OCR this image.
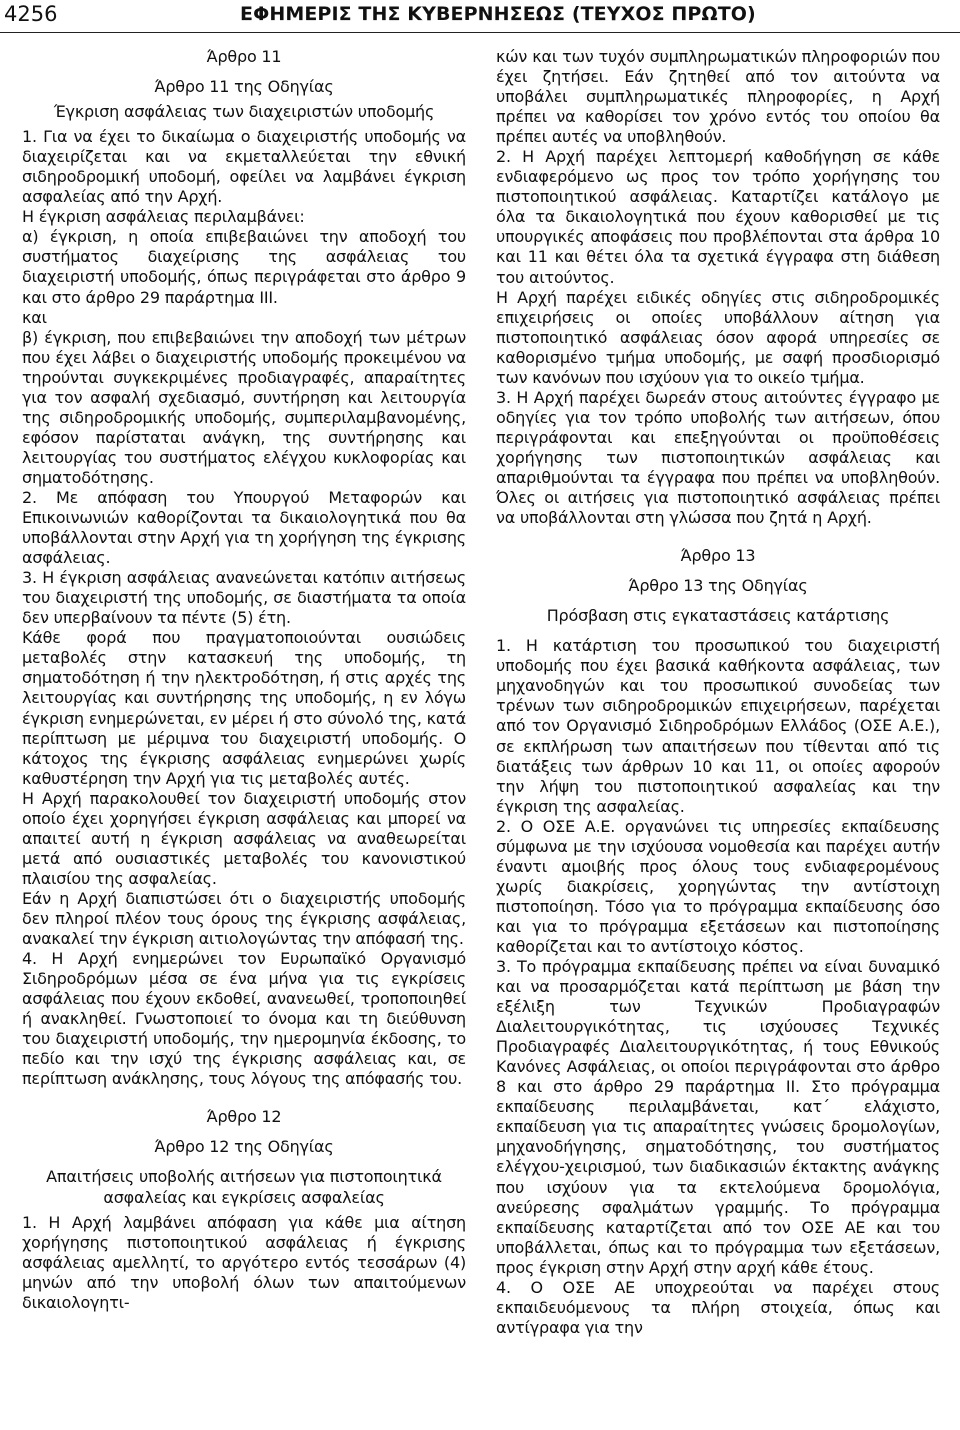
4256	ΕΦΗΜΕΡΙΣ ΤΗΣ ΚΥΒΕΡΝΗΣΕΩΣ (ΤΕΥΧΟΣ ΠΡΩΤΟ)

Άρθρο 11

Άρθρο 11 της Οδηγίας

Έγκριση ασφάλειας των διαχειριστών υποδομής

1. Για να έχει το δικαίωμα ο διαχειριστής υποδομής να διαχειρίζεται και να εκμεταλλεύεται την εθνική σιδηροδρομική υποδομή, οφείλει να λαμβάνει έγκριση ασφαλείας από την Αρχή.

Η έγκριση ασφάλειας περιλαμβάνει:

α) έγκριση, η οποία επιβεβαιώνει την αποδοχή του συστήματος διαχείρισης της ασφάλειας του διαχειριστή υποδομής, όπως περιγράφεται στο άρθρο 9 και στο άρθρο 29 παράρτημα III.

και

β) έγκριση, που επιβεβαιώνει την αποδοχή των μέτρων που έχει λάβει ο διαχειριστής υποδομής προκειμένου να τηρούνται συγκεκριμένες προδιαγραφές, απαραίτητες για τον ασφαλή σχεδιασμό, συντήρηση και λειτουργία της σιδηροδρομικής υποδομής, συμπεριλαμβανομένης, εφόσον παρίσταται ανάγκη, της συντήρησης και λειτουργίας του συστήματος ελέγχου κυκλοφορίας και σηματοδότησης.

2. Με απόφαση του Υπουργού Μεταφορών και Επικοινωνιών καθορίζονται τα δικαιολογητικά που θα υποβάλλονται στην Αρχή για τη χορήγηση της έγκρισης ασφάλειας.

3. Η έγκριση ασφάλειας ανανεώνεται κατόπιν αιτήσεως του διαχειριστή της υποδομής, σε διαστήματα τα οποία δεν υπερβαίνουν τα πέντε (5) έτη.

Κάθε φορά που πραγματοποιούνται ουσιώδεις μεταβολές στην κατασκευή της υποδομής, τη σηματοδότηση ή την ηλεκτροδότηση, ή στις αρχές της λειτουργίας και συντήρησης της υποδομής, η εν λόγω έγκριση ενημερώνεται, εν μέρει ή στο σύνολό της, κατά περίπτωση με μέριμνα του διαχειριστή υποδομής. Ο κάτοχος της έγκρισης ασφάλειας ενημερώνει χωρίς καθυστέρηση την Αρχή για τις μεταβολές αυτές.

Η Αρχή παρακολουθεί τον διαχειριστή υποδομής στον οποίο έχει χορηγήσει έγκριση ασφάλειας και μπορεί να απαιτεί αυτή η έγκριση ασφάλειας να αναθεωρείται μετά από ουσιαστικές μεταβολές του κανονιστικού πλαισίου της ασφαλείας.

Εάν η Αρχή διαπιστώσει ότι ο διαχειριστής υποδομής δεν πληροί πλέον τους όρους της έγκρισης ασφάλειας, ανακαλεί την έγκριση αιτιολογώντας την απόφασή της.

4. Η Αρχή ενημερώνει τον Ευρωπαϊκό Οργανισμό Σιδηροδρόμων μέσα σε ένα μήνα για τις εγκρίσεις ασφάλειας που έχουν εκδοθεί, ανανεωθεί, τροποποιηθεί ή ανακληθεί. Γνωστοποιεί το όνομα και τη διεύθυνση του διαχειριστή υποδομής, την ημερομηνία έκδοσης, το πεδίο και την ισχύ της έγκρισης ασφάλειας και, σε περίπτωση ανάκλησης, τους λόγους της απόφασής του.

Άρθρο 12

Άρθρο 12 της Οδηγίας

Απαιτήσεις υποβολής αιτήσεων για πιστοποιητικά ασφαλείας και εγκρίσεις ασφαλείας

1. Η Αρχή λαμβάνει απόφαση για κάθε μια αίτηση χορήγησης πιστοποιητικού ασφάλειας ή έγκρισης ασφάλειας αμελλητί, το αργότερο εντός τεσσάρων (4) μηνών από την υποβολή όλων των απαιτούμενων δικαιολογητι-

κών και των τυχόν συμπληρωματικών πληροφοριών που έχει ζητήσει. Εάν ζητηθεί από τον αιτούντα να υποβάλει συμπληρωματικές πληροφορίες, η Αρχή πρέπει να καθορίσει τον χρόνο εντός του οποίου θα πρέπει αυτές να υποβληθούν.

2. Η Αρχή παρέχει λεπτομερή καθοδήγηση σε κάθε ενδιαφερόμενο ως προς τον τρόπο χορήγησης του πιστοποιητικού ασφάλειας. Καταρτίζει κατάλογο με όλα τα δικαιολογητικά που έχουν καθορισθεί με τις υπουργικές αποφάσεις που προβλέπονται στα άρθρα 10 και 11 και θέτει όλα τα σχετικά έγγραφα στη διάθεση του αιτούντος.

Η Αρχή παρέχει ειδικές οδηγίες στις σιδηροδρομικές επιχειρήσεις οι οποίες υποβάλλουν αίτηση για πιστοποιητικό ασφάλειας όσον αφορά υπηρεσίες σε καθορισμένο τμήμα υποδομής, με σαφή προσδιορισμό των κανόνων που ισχύουν για το οικείο τμήμα.

3. Η Αρχή παρέχει δωρεάν στους αιτούντες έγγραφο με οδηγίες για τον τρόπο υποβολής των αιτήσεων, όπου περιγράφονται και επεξηγούνται οι προϋποθέσεις χορήγησης των πιστοποιητικών ασφάλειας και απαριθμούνται τα έγγραφα που πρέπει να υποβληθούν. Όλες οι αιτήσεις για πιστοποιητικό ασφάλειας πρέπει να υποβάλλονται στη γλώσσα που ζητά η Αρχή.

Άρθρο 13

Άρθρο 13 της Οδηγίας

Πρόσβαση στις εγκαταστάσεις κατάρτισης

1. Η κατάρτιση του προσωπικού του διαχειριστή υποδομής που έχει βασικά καθήκοντα ασφάλειας, των μηχανοδηγών και του προσωπικού συνοδείας των τρένων των σιδηροδρομικών επιχειρήσεων, παρέχεται από τον Οργανισμό Σιδηροδρόμων Ελλάδος (ΟΣΕ Α.Ε.), σε εκπλήρωση των απαιτήσεων που τίθενται από τις διατάξεις των άρθρων 10 και 11, οι οποίες αφορούν την λήψη του πιστοποιητικού ασφαλείας και την έγκριση της ασφαλείας.

2. Ο ΟΣΕ Α.Ε. οργανώνει τις υπηρεσίες εκπαίδευσης σύμφωνα με την ισχύουσα νομοθεσία και παρέχει αυτήν έναντι αμοιβής προς όλους τους ενδιαφερομένους χωρίς διακρίσεις, χορηγώντας την αντίστοιχη πιστοποίηση. Τόσο για το πρόγραμμα εκπαίδευσης όσο και για το πρόγραμμα εξετάσεων και πιστοποίησης καθορίζεται και το αντίστοιχο κόστος.

3. Το πρόγραμμα εκπαίδευσης πρέπει να είναι δυναμικό και να προσαρμόζεται κατά περίπτωση με βάση την εξέλιξη των Τεχνικών Προδιαγραφών Διαλειτουργικότητας, τις ισχύουσες Τεχνικές Προδιαγραφές Διαλειτουργικότητας, ή τους Εθνικούς Κανόνες Ασφάλειας, οι οποίοι περιγράφονται στο άρθρο 8 και στο άρθρο 29 παράρτημα II. Στο πρόγραμμα εκπαίδευσης περιλαμβάνεται, κατ΄ ελάχιστο, εκπαίδευση για τις απαραίτητες γνώσεις δρομολογίων, μηχανοδήγησης, σηματοδότησης, του συστήματος ελέγχου-χειρισμού, των διαδικασιών έκτακτης ανάγκης που ισχύουν για τα εκτελούμενα δρομολόγια, ανεύρεσης σφαλμάτων γραμμής. Το πρόγραμμα εκπαίδευσης καταρτίζεται από τον ΟΣΕ ΑΕ και του υποβάλλεται, όπως και το πρόγραμμα των εξετάσεων, προς έγκριση στην Αρχή στην αρχή κάθε έτους.

4. Ο ΟΣΕ ΑΕ υποχρεούται να παρέχει στους εκπαιδευόμενους τα πλήρη στοιχεία, όπως και αντίγραφα για την
